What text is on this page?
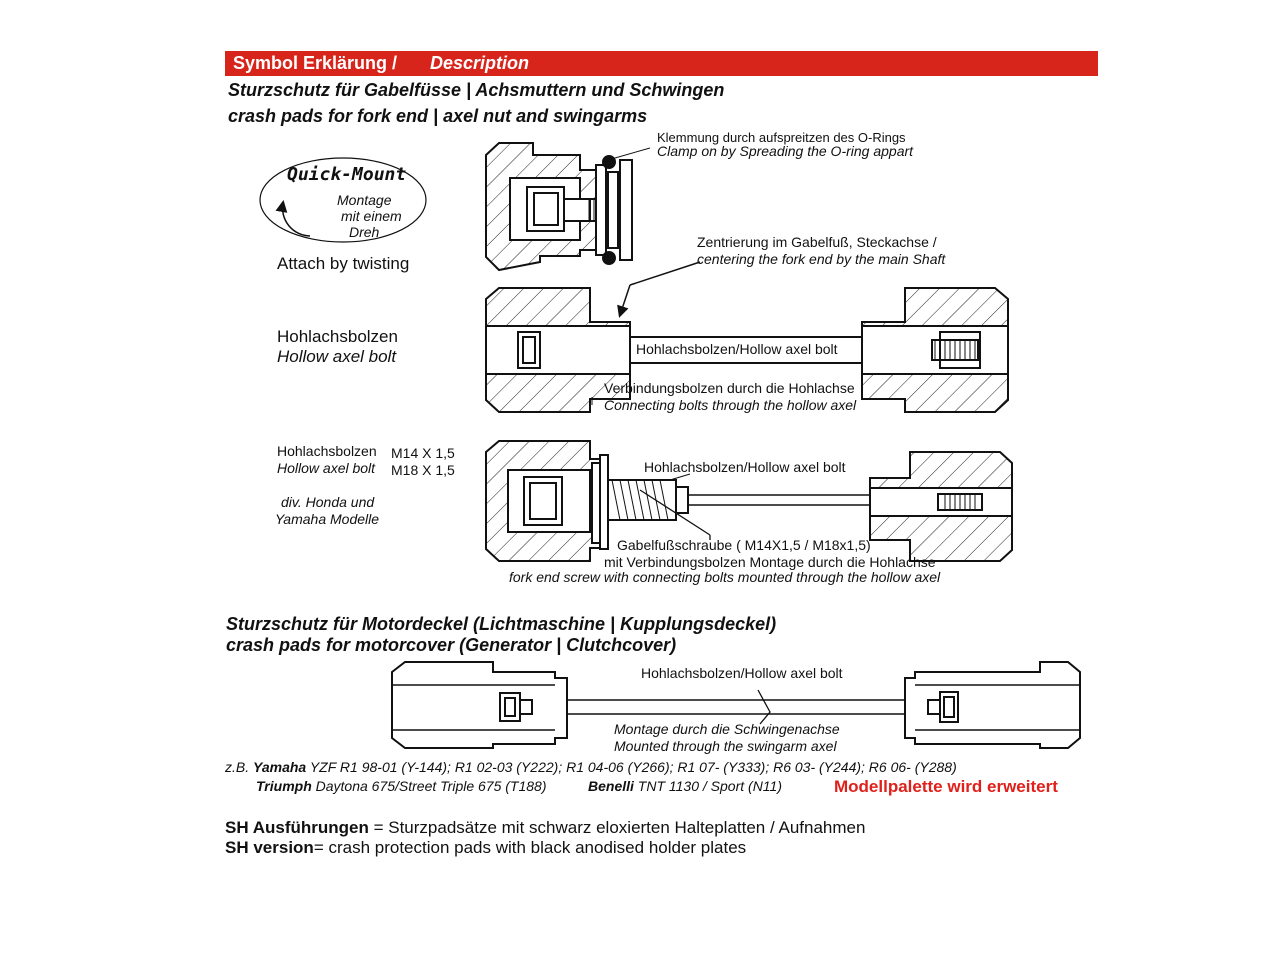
Symbol Erklärung / Description
Sturzschutz für Gabelfüsse | Achsmuttern und Schwingen
crash pads for fork end | axel nut and swingarms
Quick-Mount
Montage
mit einem
Dreh
Attach by twisting
Klemmung durch aufspreitzen des O-Rings
Clamp on by Spreading the O-ring appart
Zentrierung im Gabelfuß, Steckachse /
centering the fork end by the main Shaft
Hohlachsbolzen
Hollow axel bolt	Hohlachsbolzen/Hollow axel bolt
Verbindungsbolzen durch die Hohlachse
Connecting bolts through the hollow axel
Hohlachsbolzen
Hollow axel bolt
M14 X 1,5
M18 X 1,5
div. Honda und
Yamaha Modelle
Hohlachsbolzen/Hollow axel bolt
Gabelfußschraube ( M14X1,5 / M18x1,5)
mit Verbindungsbolzen Montage durch die Hohlachse
fork end screw with connecting bolts mounted through the hollow axel
Sturzschutz für Motordeckel (Lichtmaschine | Kupplungsdeckel)
crash pads for motorcover (Generator | Clutchcover)
Hohlachsbolzen/Hollow axel bolt
Montage durch die Schwingenachse
Mounted through the swingarm axel
z.B. Yamaha YZF R1 98-01 (Y-144); R1 02-03 (Y222); R1 04-06 (Y266); R1 07- (Y333); R6 03- (Y244); R6 06- (Y288)
Triumph Daytona 675/Street Triple 675 (T188)	Benelli TNT 1130 / Sport (N11)	Modellpalette wird erweitert
SH Ausführungen = Sturzpadsätze mit schwarz eloxierten Halteplatten / Aufnahmen
SH version= crash protection pads with black anodised holder plates
